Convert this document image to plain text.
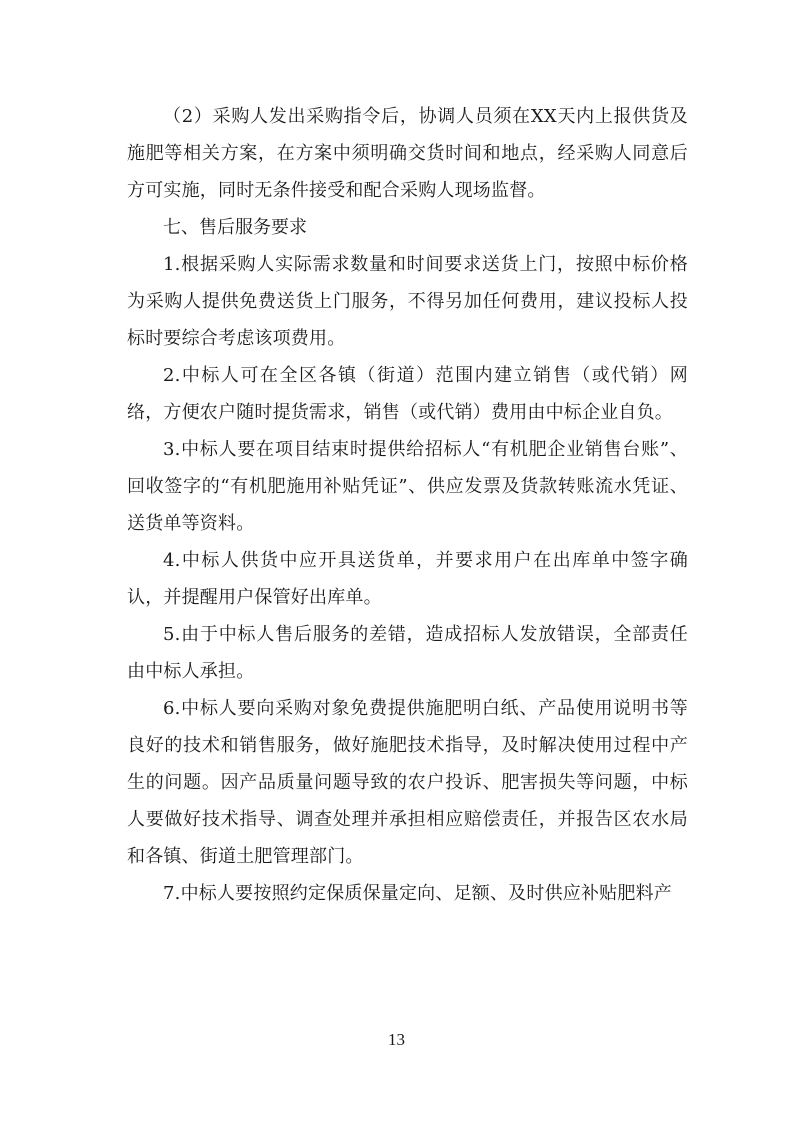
（2）采购人发出采购指令后，协调人员须在XX天内上报供货及施肥等相关方案，在方案中须明确交货时间和地点，经采购人同意后方可实施，同时无条件接受和配合采购人现场监督。

七、售后服务要求

1.根据采购人实际需求数量和时间要求送货上门，按照中标价格为采购人提供免费送货上门服务，不得另加任何费用，建议投标人投标时要综合考虑该项费用。

2.中标人可在全区各镇（街道）范围内建立销售（或代销）网络，方便农户随时提货需求，销售（或代销）费用由中标企业自负。

3.中标人要在项目结束时提供给招标人“有机肥企业销售台账”、回收签字的“有机肥施用补贴凭证”、供应发票及货款转账流水凭证、送货单等资料。

4.中标人供货中应开具送货单，并要求用户在出库单中签字确认，并提醒用户保管好出库单。

5.由于中标人售后服务的差错，造成招标人发放错误，全部责任由中标人承担。

6.中标人要向采购对象免费提供施肥明白纸、产品使用说明书等良好的技术和销售服务，做好施肥技术指导，及时解决使用过程中产生的问题。因产品质量问题导致的农户投诉、肥害损失等问题，中标人要做好技术指导、调查处理并承担相应赔偿责任，并报告区农水局和各镇、街道土肥管理部门。

7.中标人要按照约定保质保量定向、足额、及时供应补贴肥料产

13
